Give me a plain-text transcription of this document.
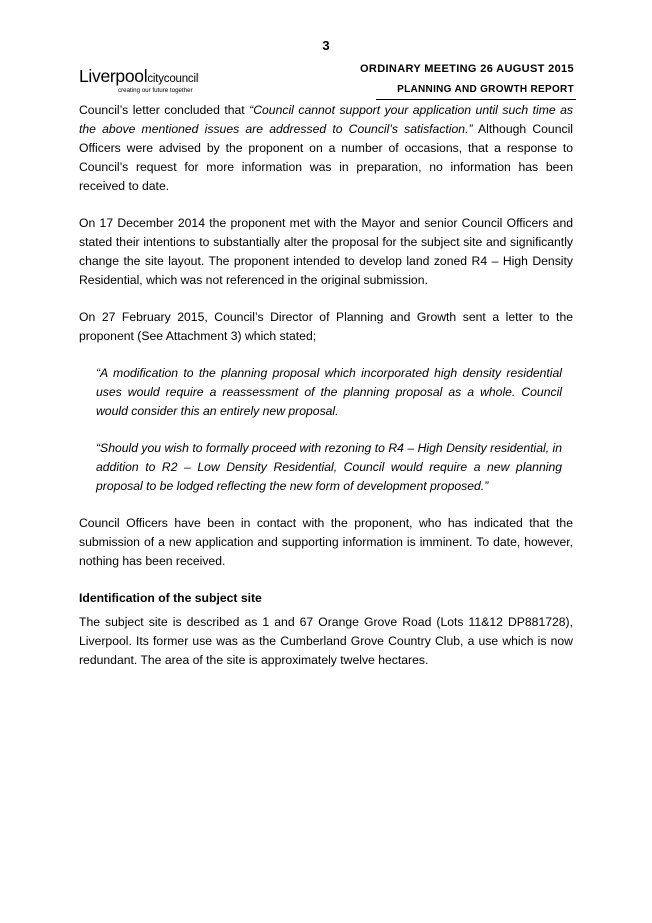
3
Liverpoolcitycouncil
creating our future together
ORDINARY MEETING 26 AUGUST 2015
PLANNING AND GROWTH REPORT

Council’s letter concluded that “Council cannot support your application until such time as the above mentioned issues are addressed to Council’s satisfaction.” Although Council Officers were advised by the proponent on a number of occasions, that a response to Council’s request for more information was in preparation, no information has been received to date.

On 17 December 2014 the proponent met with the Mayor and senior Council Officers and stated their intentions to substantially alter the proposal for the subject site and significantly change the site layout. The proponent intended to develop land zoned R4 – High Density Residential, which was not referenced in the original submission.

On 27 February 2015, Council’s Director of Planning and Growth sent a letter to the proponent (See Attachment 3) which stated;

“A modification to the planning proposal which incorporated high density residential uses would require a reassessment of the planning proposal as a whole. Council would consider this an entirely new proposal.

“Should you wish to formally proceed with rezoning to R4 – High Density residential, in addition to R2 – Low Density Residential, Council would require a new planning proposal to be lodged reflecting the new form of development proposed.”

Council Officers have been in contact with the proponent, who has indicated that the submission of a new application and supporting information is imminent. To date, however, nothing has been received.

Identification of the subject site

The subject site is described as 1 and 67 Orange Grove Road (Lots 11&12 DP881728), Liverpool. Its former use was as the Cumberland Grove Country Club, a use which is now redundant. The area of the site is approximately twelve hectares.
